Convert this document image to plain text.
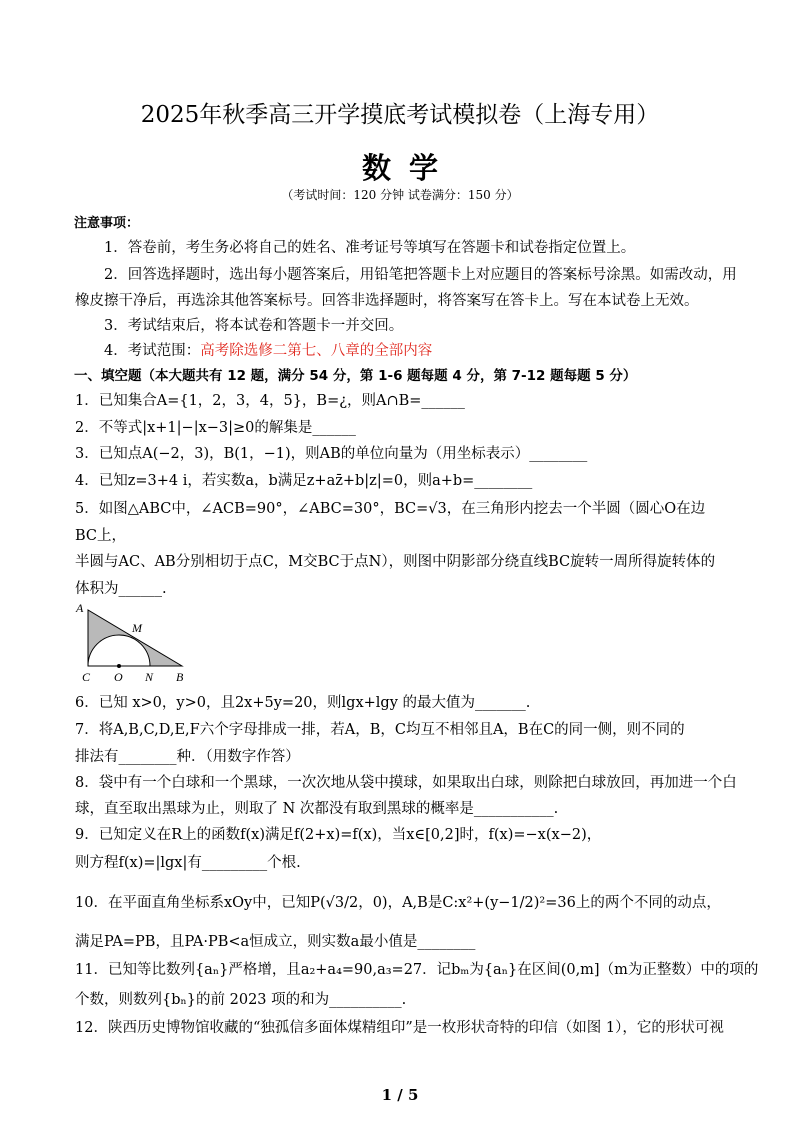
2025年秋季高三开学摸底考试模拟卷（上海专用）
数学
（考试时间：120 分钟 试卷满分：150 分）
注意事项：
1．答卷前，考生务必将自己的姓名、准考证号等填写在答题卡和试卷指定位置上。
2．回答选择题时，选出每小题答案后，用铅笔把答题卡上对应题目的答案标号涂黑。如需改动，用
橡皮擦干净后，再选涂其他答案标号。回答非选择题时，将答案写在答卡上。写在本试卷上无效。
3．考试结束后，将本试卷和答题卡一并交回。
4．考试范围：高考除选修二第七、八章的全部内容
一、填空题（本大题共有 12 题，满分 54 分，第 1-6 题每题 4 分，第 7-12 题每题 5 分）
1．已知集合A={1，2，3，4，5}，B=¿，则A∩B=______
2．不等式|x+1|−|x−3|≥0的解集是______
3．已知点A(−2，3)，B(1，−1)，则AB的单位向量为（用坐标表示）________
4．已知z=3+4 i，若实数a，b满足z+az̄+b|z|=0，则a+b=________
5．如图△ABC中，∠ACB=90°，∠ABC=30°，BC=√3，在三角形内挖去一个半圆（圆心O在边
BC上，
半圆与AC、AB分别相切于点C，M交BC于点N），则图中阴影部分绕直线BC旋转一周所得旋转体的
体积为______.
A
M
C O N B
6．已知 x>0，y>0，且2x+5y=20，则lgx+lgy 的最大值为_______.
7．将A,B,C,D,E,F六个字母排成一排，若A，B，C均互不相邻且A，B在C的同一侧，则不同的
排法有________种．（用数字作答）
8．袋中有一个白球和一个黑球，一次次地从袋中摸球，如果取出白球，则除把白球放回，再加进一个白
球，直至取出黑球为止，则取了 N 次都没有取到黑球的概率是___________.
9．已知定义在R上的函数f(x)满足f(2+x)=f(x)，当x∈[0,2]时，f(x)=−x(x−2)，
则方程f(x)=|lgx|有_________个根.
10．在平面直角坐标系xOy中，已知P(√3/2，0)，A,B是C:x²+(y−1/2)²=36上的两个不同的动点，
满足PA=PB，且PA·PB<a恒成立，则实数a最小值是________
11．已知等比数列{aₙ}严格增，且a₂+a₄=90,a₃=27．记bₘ为{aₙ}在区间(0,m]（m为正整数）中的项的
个数，则数列{bₙ}的前 2023 项的和为__________.
12．陕西历史博物馆收藏的“独孤信多面体煤精组印”是一枚形状奇特的印信（如图 1），它的形状可视
1 / 5
